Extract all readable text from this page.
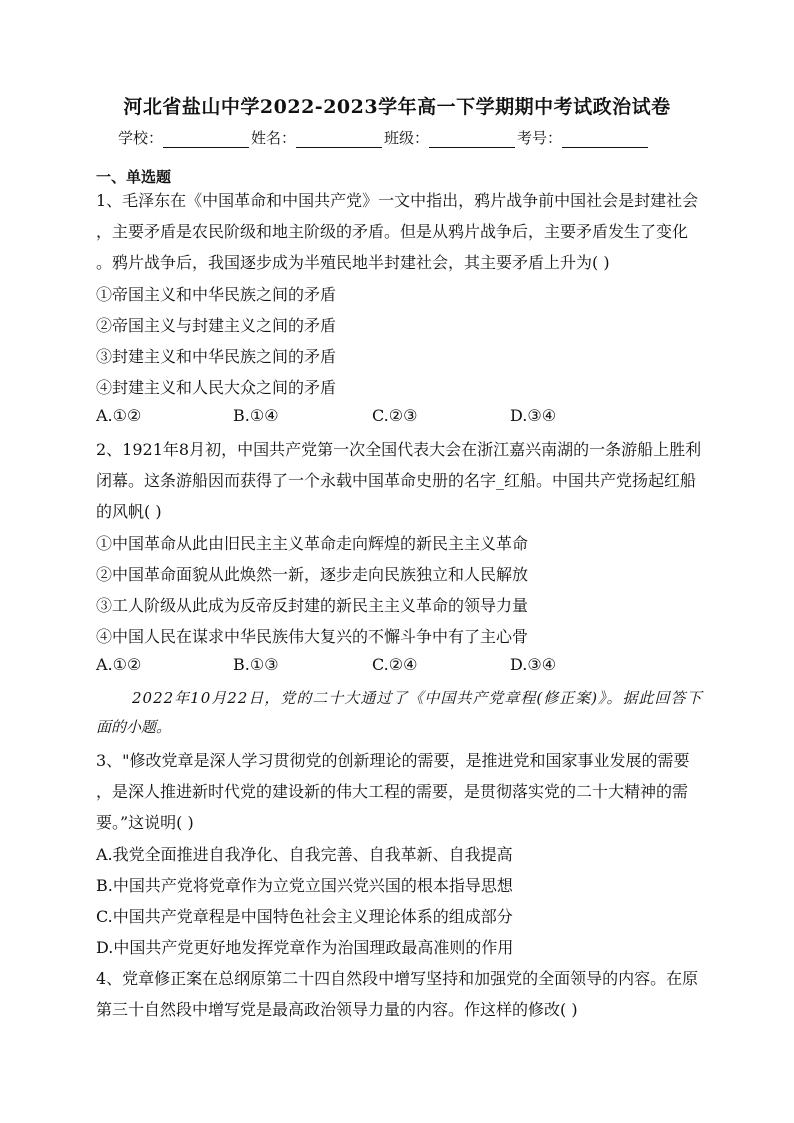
河北省盐山中学2022-2023学年高一下学期期中考试政治试卷
学校：	姓名：	班级：	考号：
一、单选题
1、毛泽东在《中国革命和中国共产党》一文中指出，鸦片战争前中国社会是封建社会
，主要矛盾是农民阶级和地主阶级的矛盾。但是从鸦片战争后，主要矛盾发生了变化
。鸦片战争后，我国逐步成为半殖民地半封建社会，其主要矛盾上升为( )
①帝国主义和中华民族之间的矛盾
②帝国主义与封建主义之间的矛盾
③封建主义和中华民族之间的矛盾
④封建主义和人民大众之间的矛盾
A.①②	B.①④	C.②③	D.③④
2、1921年8月初，中国共产党第一次全国代表大会在浙江嘉兴南湖的一条游船上胜利
闭幕。这条游船因而获得了一个永载中国革命史册的名字_红船。中国共产党扬起红船
的风帆( )
①中国革命从此由旧民主主义革命走向辉煌的新民主主义革命
②中国革命面貌从此焕然一新，逐步走向民族独立和人民解放
③工人阶级从此成为反帝反封建的新民主主义革命的领导力量
④中国人民在谋求中华民族伟大复兴的不懈斗争中有了主心骨
A.①②	B.①③	C.②④	D.③④
2022年10月22日，党的二十大通过了《中国共产党章程(修正案)》。据此回答下
面的小题。
3、"修改党章是深人学习贯彻党的创新理论的需要，是推进党和国家事业发展的需要
，是深人推进新时代党的建设新的伟大工程的需要，是贯彻落实党的二十大精神的需
要。”这说明( )
A.我党全面推进自我净化、自我完善、自我革新、自我提高
B.中国共产党将党章作为立党立国兴党兴国的根本指导思想
C.中国共产党章程是中国特色社会主义理论体系的组成部分
D.中国共产党更好地发挥党章作为治国理政最高准则的作用
4、党章修正案在总纲原第二十四自然段中增写坚持和加强党的全面领导的内容。在原
第三十自然段中增写党是最高政治领导力量的内容。作这样的修改( )
